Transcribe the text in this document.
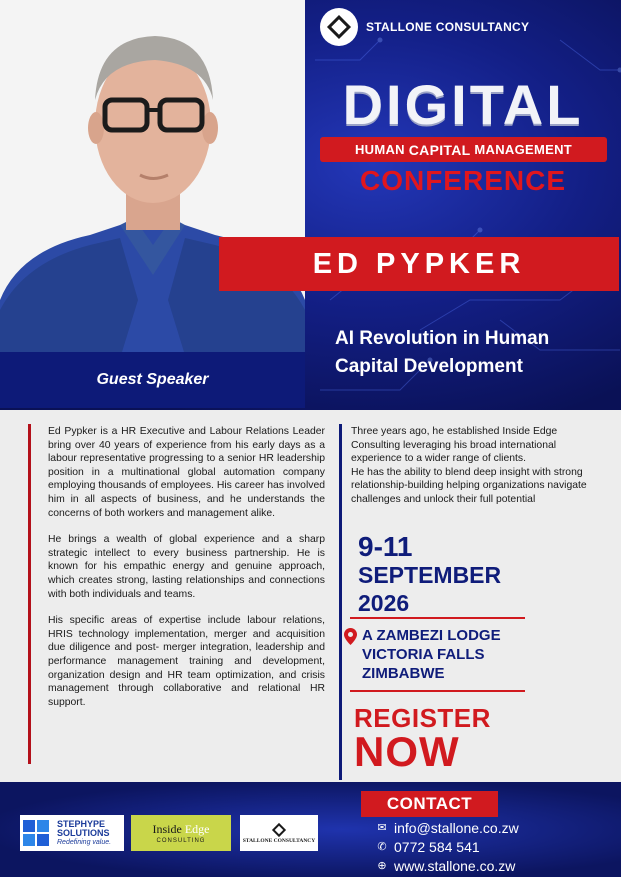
STALLONE CONSULTANCY
DIGITAL
HUMAN CAPITAL MANAGEMENT
CONFERENCE
ED PYPKER
AI Revolution in Human Capital Development
Guest Speaker

Ed Pypker is a HR Executive and Labour Relations Leader bring over 40 years of experience from his early days as a labour representative progressing to a senior HR leadership position in a multinational global automation company employing thousands of employees. His career has involved him in all aspects of business, and he understands the concerns of both workers and management alike.

He brings a wealth of global experience and a sharp strategic intellect to every business partnership. He is known for his empathic energy and genuine approach, which creates strong, lasting relationships and connections with both individuals and teams.

His specific areas of expertise include labour relations, HRIS technology implementation, merger and acquisition due diligence and post- merger integration, leadership and performance management training and development, organization design and HR team optimization, and crisis management through collaborative and relational HR support.

Three years ago, he established Inside Edge Consulting leveraging his broad international experience to a wider range of clients.

He has the ability to blend deep insight with strong relationship-building helping organizations navigate challenges and unlock their full potential

9-11
SEPTEMBER
2026
A ZAMBEZI LODGE
VICTORIA FALLS
ZIMBABWE
REGISTER
NOW
STEPHYPE
SOLUTIONS
Redefining value.
Inside Edge
CONSULTING	STALLONE CONSULTANCY
CONTACT
✉ info@stallone.co.zw
✆ 0772 584 541
⊕ www.stallone.co.zw
